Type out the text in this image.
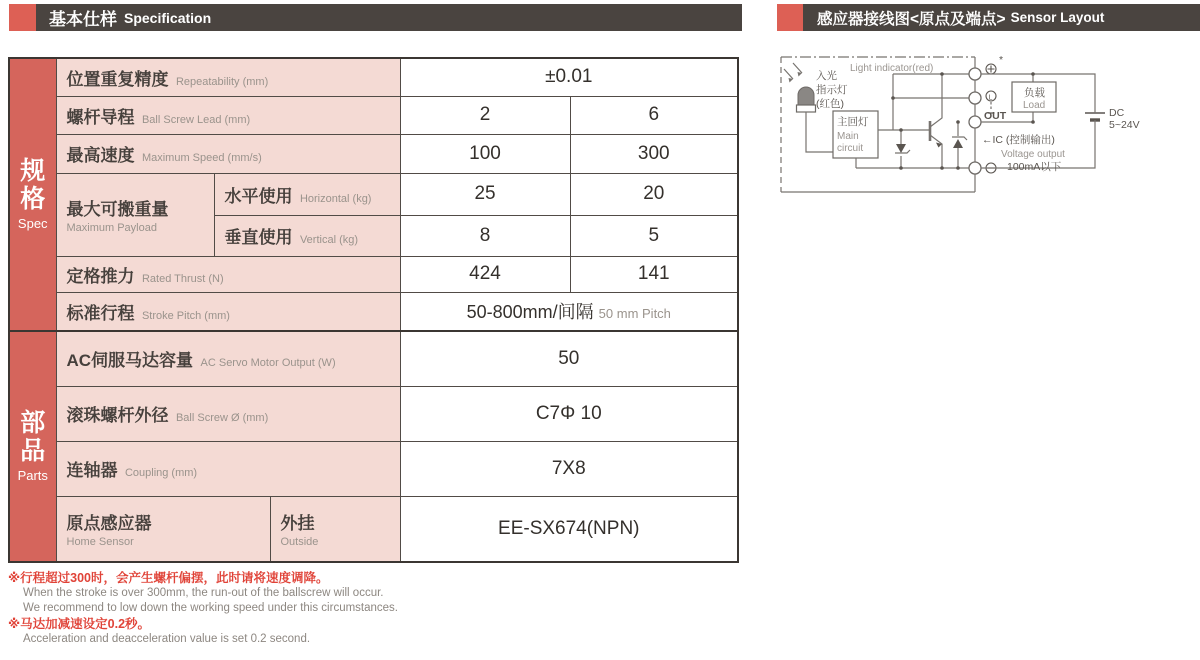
基本仕样 Specification	感应器接线图<原点及端点> Sensor Layout
规格
Spec	位置重复精度 Repeatability (mm)			±0.01	
	螺杆导程 Ball Screw Lead (mm)			2	6
	最高速度 Maximum Speed (mm/s)			100	300

	最大可搬重量
Maximum Payload	水平使用 Horizontal (kg)		25	20
		垂直使用 Vertical (kg)		8	5
	定格推力 Rated Thrust (N)			424	141
	标准行程 Stroke Pitch (mm)			50-800mm/间隔 50 mm Pitch	

部品
Parts	AC伺服马达容量 AC Servo Motor Output (W)			50	
	滚珠螺杆外径 Ball Screw Ø (mm)			C7Φ 10	
	连轴器 Coupling (mm)			7X8	

	原点感应器
Home Sensor		外挂
Outside	EE-SX674(NPN)	
※行程超过300时，会产生螺杆偏摆，此时请将速度调降。
When the stroke is over 300mm, the run-out of the ballscrew will occur.
We recommend to low down the working speed under this circumstances.
※马达加减速设定0.2秒。
Acceleration and deacceleration value is set 0.2 second.
入光
指示灯
(红色)
Light indicator(red)
主回灯
Main
circuit
*
L
OUT
←IC (控制输出)
负载
Load
DC
5~24V
Voltage output
100mA以下
